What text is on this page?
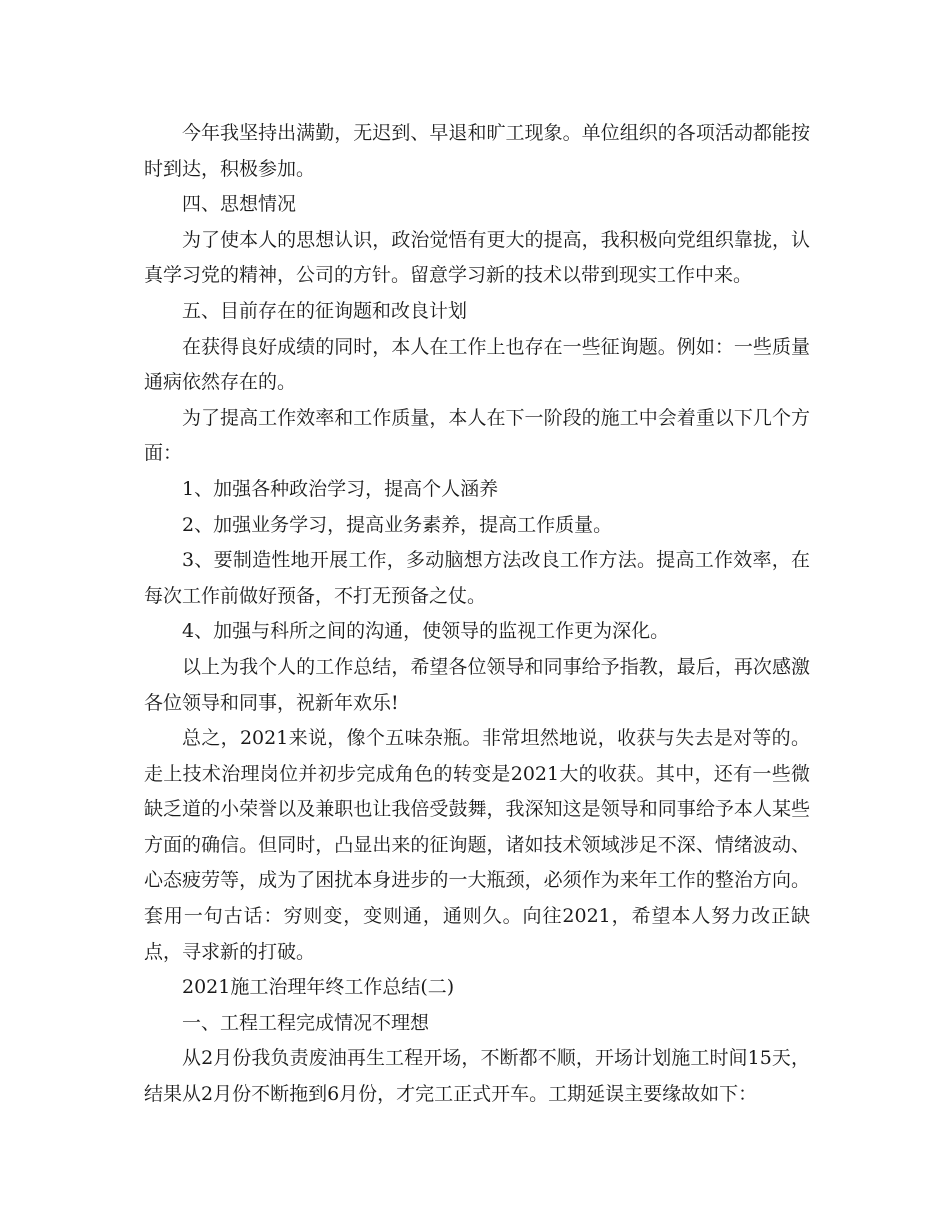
今年我坚持出满勤，无迟到、早退和旷工现象。单位组织的各项活动都能按时到达，积极参加。

四、思想情况

为了使本人的思想认识，政治觉悟有更大的提高，我积极向党组织靠拢，认真学习党的精神，公司的方针。留意学习新的技术以带到现实工作中来。

五、目前存在的征询题和改良计划

在获得良好成绩的同时，本人在工作上也存在一些征询题。例如：一些质量通病依然存在的。

为了提高工作效率和工作质量，本人在下一阶段的施工中会着重以下几个方面：

1、加强各种政治学习，提高个人涵养

2、加强业务学习，提高业务素养，提高工作质量。

3、要制造性地开展工作，多动脑想方法改良工作方法。提高工作效率，在每次工作前做好预备，不打无预备之仗。

4、加强与科所之间的沟通，使领导的监视工作更为深化。

以上为我个人的工作总结，希望各位领导和同事给予指教，最后，再次感激各位领导和同事，祝新年欢乐!

总之，2021来说，像个五味杂瓶。非常坦然地说，收获与失去是对等的。走上技术治理岗位并初步完成角色的转变是2021大的收获。其中，还有一些微缺乏道的小荣誉以及兼职也让我倍受鼓舞，我深知这是领导和同事给予本人某些方面的确信。但同时，凸显出来的征询题，诸如技术领域涉足不深、情绪波动、心态疲劳等，成为了困扰本身进步的一大瓶颈，必须作为来年工作的整治方向。套用一句古话：穷则变，变则通，通则久。向往2021，希望本人努力改正缺点，寻求新的打破。

2021施工治理年终工作总结(二)

一、工程工程完成情况不理想

从2月份我负责废油再生工程开场，不断都不顺，开场计划施工时间15天，结果从2月份不断拖到6月份，才完工正式开车。工期延误主要缘故如下：
